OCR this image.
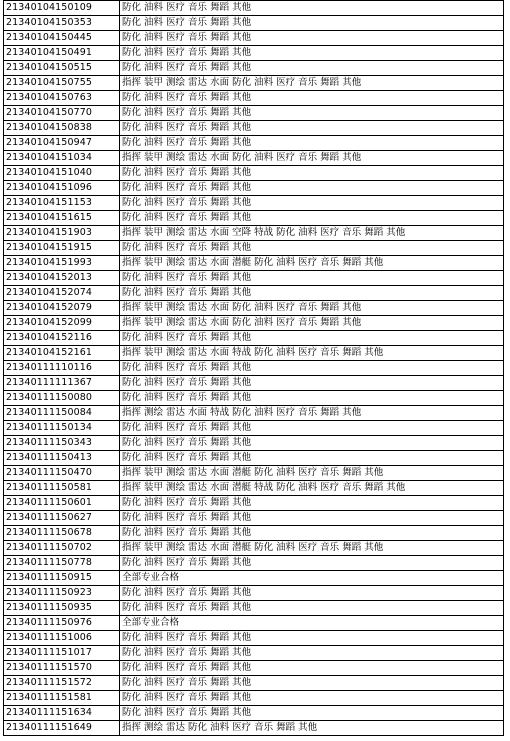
21340104150109	防化 油料 医疗 音乐 舞蹈 其他
21340104150353	防化 油料 医疗 音乐 舞蹈 其他
21340104150445	防化 油料 医疗 音乐 舞蹈 其他
21340104150491	防化 油料 医疗 音乐 舞蹈 其他
21340104150515	防化 油料 医疗 音乐 舞蹈 其他
21340104150755	指挥 装甲 测绘 雷达 水面 防化 油料 医疗 音乐 舞蹈 其他
21340104150763	防化 油料 医疗 音乐 舞蹈 其他
21340104150770	防化 油料 医疗 音乐 舞蹈 其他
21340104150838	防化 油料 医疗 音乐 舞蹈 其他
21340104150947	防化 油料 医疗 音乐 舞蹈 其他
21340104151034	指挥 装甲 测绘 雷达 水面 防化 油料 医疗 音乐 舞蹈 其他
21340104151040	防化 油料 医疗 音乐 舞蹈 其他
21340104151096	防化 油料 医疗 音乐 舞蹈 其他
21340104151153	防化 油料 医疗 音乐 舞蹈 其他
21340104151615	防化 油料 医疗 音乐 舞蹈 其他
21340104151903	指挥 装甲 测绘 雷达 水面 空降 特战 防化 油料 医疗 音乐 舞蹈 其他
21340104151915	防化 油料 医疗 音乐 舞蹈 其他
21340104151993	指挥 装甲 测绘 雷达 水面 潜艇 防化 油料 医疗 音乐 舞蹈 其他
21340104152013	防化 油料 医疗 音乐 舞蹈 其他
21340104152074	防化 油料 医疗 音乐 舞蹈 其他
21340104152079	指挥 装甲 测绘 雷达 水面 防化 油料 医疗 音乐 舞蹈 其他
21340104152099	指挥 装甲 测绘 雷达 水面 防化 油料 医疗 音乐 舞蹈 其他
21340104152116	防化 油料 医疗 音乐 舞蹈 其他
21340104152161	指挥 装甲 测绘 雷达 水面 特战 防化 油料 医疗 音乐 舞蹈 其他
21340111110116	防化 油料 医疗 音乐 舞蹈 其他
21340111111367	防化 油料 医疗 音乐 舞蹈 其他
21340111150080	防化 油料 医疗 音乐 舞蹈 其他
21340111150084	指挥 测绘 雷达 水面 特战 防化 油料 医疗 音乐 舞蹈 其他
21340111150134	防化 油料 医疗 音乐 舞蹈 其他
21340111150343	防化 油料 医疗 音乐 舞蹈 其他
21340111150413	防化 油料 医疗 音乐 舞蹈 其他
21340111150470	指挥 装甲 测绘 雷达 水面 潜艇 防化 油料 医疗 音乐 舞蹈 其他
21340111150581	指挥 装甲 测绘 雷达 水面 潜艇 特战 防化 油料 医疗 音乐 舞蹈 其他
21340111150601	防化 油料 医疗 音乐 舞蹈 其他
21340111150627	防化 油料 医疗 音乐 舞蹈 其他
21340111150678	防化 油料 医疗 音乐 舞蹈 其他
21340111150702	指挥 装甲 测绘 雷达 水面 潜艇 防化 油料 医疗 音乐 舞蹈 其他
21340111150778	防化 油料 医疗 音乐 舞蹈 其他
21340111150915	全部专业合格
21340111150923	防化 油料 医疗 音乐 舞蹈 其他
21340111150935	防化 油料 医疗 音乐 舞蹈 其他
21340111150976	全部专业合格
21340111151006	防化 油料 医疗 音乐 舞蹈 其他
21340111151017	防化 油料 医疗 音乐 舞蹈 其他
21340111151570	防化 油料 医疗 音乐 舞蹈 其他
21340111151572	防化 油料 医疗 音乐 舞蹈 其他
21340111151581	防化 油料 医疗 音乐 舞蹈 其他
21340111151634	防化 油料 医疗 音乐 舞蹈 其他
21340111151649	指挥 测绘 雷达 防化 油料 医疗 音乐 舞蹈 其他
